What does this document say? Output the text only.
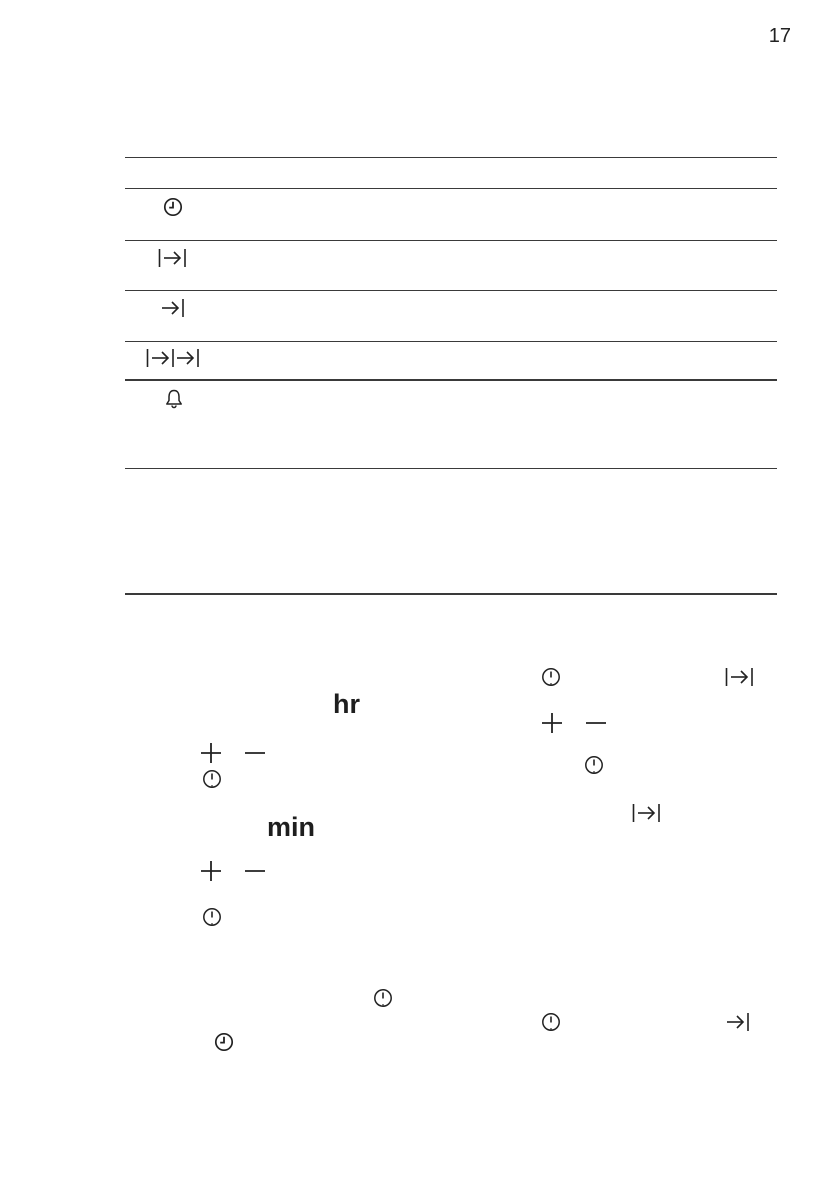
17
hr
min
